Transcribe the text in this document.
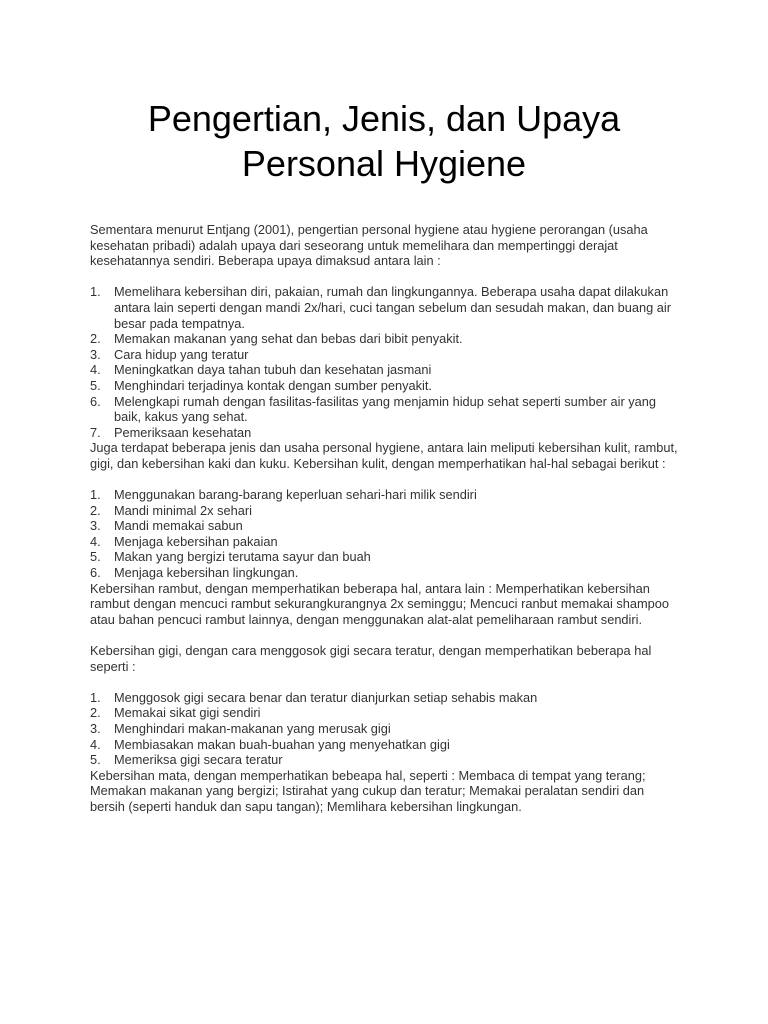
Pengertian, Jenis, dan Upaya
Personal Hygiene

Sementara menurut Entjang (2001), pengertian personal hygiene atau hygiene perorangan (usaha kesehatan pribadi) adalah upaya dari seseorang untuk memelihara dan mempertinggi derajat kesehatannya sendiri. Beberapa upaya dimaksud antara lain :

1. Memelihara kebersihan diri, pakaian, rumah dan lingkungannya. Beberapa usaha dapat dilakukan antara lain seperti dengan mandi 2x/hari, cuci tangan sebelum dan sesudah makan, dan buang air besar pada tempatnya.
2. Memakan makanan yang sehat dan bebas dari bibit penyakit.
3. Cara hidup yang teratur
4. Meningkatkan daya tahan tubuh dan kesehatan jasmani
5. Menghindari terjadinya kontak dengan sumber penyakit.
6. Melengkapi rumah dengan fasilitas-fasilitas yang menjamin hidup sehat seperti sumber air yang baik, kakus yang sehat.
7. Pemeriksaan kesehatan

Juga terdapat beberapa jenis dan usaha personal hygiene, antara lain meliputi kebersihan kulit, rambut, gigi, dan kebersihan kaki dan kuku. Kebersihan kulit, dengan memperhatikan hal-hal sebagai berikut :

1. Menggunakan barang-barang keperluan sehari-hari milik sendiri
2. Mandi minimal 2x sehari
3. Mandi memakai sabun
4. Menjaga kebersihan pakaian
5. Makan yang bergizi terutama sayur dan buah
6. Menjaga kebersihan lingkungan.

Kebersihan rambut, dengan memperhatikan beberapa hal, antara lain : Memperhatikan kebersihan rambut dengan mencuci rambut sekurangkurangnya 2x seminggu; Mencuci ranbut memakai shampoo atau bahan pencuci rambut lainnya, dengan menggunakan alat-alat pemeliharaan rambut sendiri.

Kebersihan gigi, dengan cara menggosok gigi secara teratur, dengan memperhatikan beberapa hal seperti :

1. Menggosok gigi secara benar dan teratur dianjurkan setiap sehabis makan
2. Memakai sikat gigi sendiri
3. Menghindari makan-makanan yang merusak gigi
4. Membiasakan makan buah-buahan yang menyehatkan gigi
5. Memeriksa gigi secara teratur

Kebersihan mata, dengan memperhatikan bebeapa hal, seperti : Membaca di tempat yang terang; Memakan makanan yang bergizi; Istirahat yang cukup dan teratur; Memakai peralatan sendiri dan bersih (seperti handuk dan sapu tangan); Memlihara kebersihan lingkungan.
